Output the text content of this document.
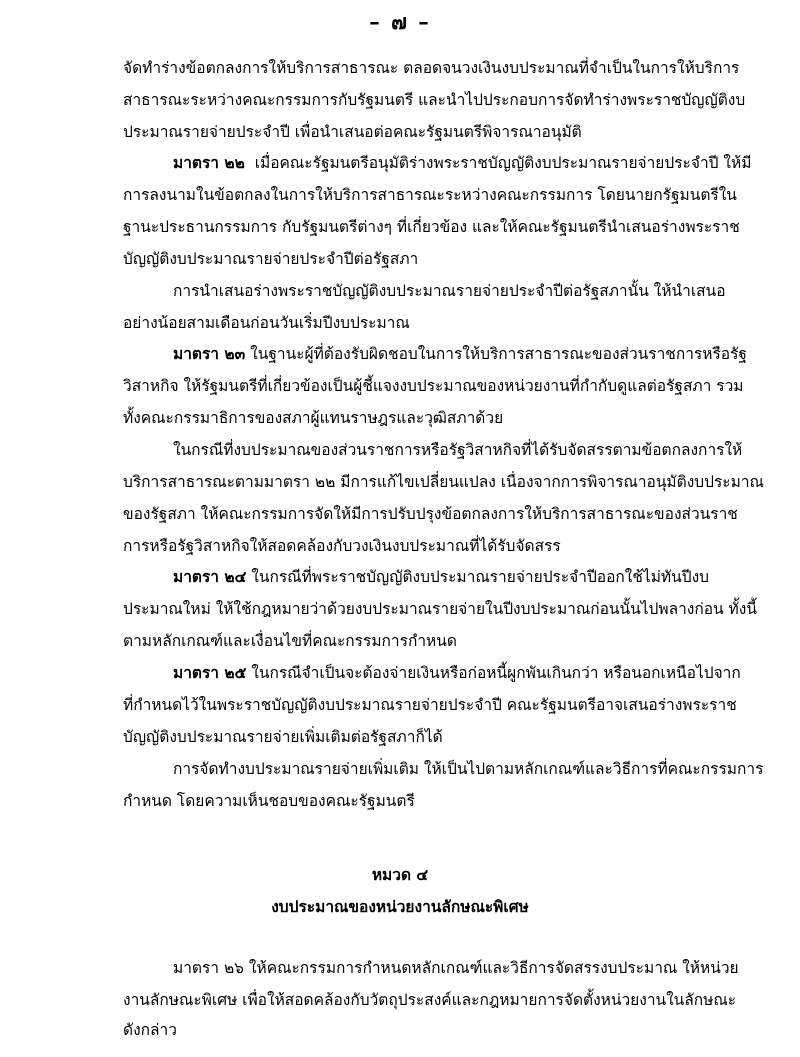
– ๗ –
จัดทำร่างข้อตกลงการให้บริการสาธารณะ ตลอดจนวงเงินงบประมาณที่จำเป็นในการให้บริการ
สาธารณะระหว่างคณะกรรมการกับรัฐมนตรี และนำไปประกอบการจัดทำร่างพระราชบัญญัติงบ
ประมาณรายจ่ายประจำปี เพื่อนำเสนอต่อคณะรัฐมนตรีพิจารณาอนุมัติ
มาตรา ๒๒ เมื่อคณะรัฐมนตรีอนุมัติร่างพระราชบัญญัติงบประมาณรายจ่ายประจำปี ให้มี
การลงนามในข้อตกลงในการให้บริการสาธารณะระหว่างคณะกรรมการ โดยนายกรัฐมนตรีใน
ฐานะประธานกรรมการ กับรัฐมนตรีต่างๆ ที่เกี่ยวข้อง และให้คณะรัฐมนตรีนำเสนอร่างพระราช
บัญญัติงบประมาณรายจ่ายประจำปีต่อรัฐสภา
การนำเสนอร่างพระราชบัญญัติงบประมาณรายจ่ายประจำปีต่อรัฐสภานั้น ให้นำเสนอ
อย่างน้อยสามเดือนก่อนวันเริ่มปีงบประมาณ
มาตรา ๒๓ ในฐานะผู้ที่ต้องรับผิดชอบในการให้บริการสาธารณะของส่วนราชการหรือรัฐ
วิสาหกิจ ให้รัฐมนตรีที่เกี่ยวข้องเป็นผู้ชี้แจงงบประมาณของหน่วยงานที่กำกับดูแลต่อรัฐสภา รวม
ทั้งคณะกรรมาธิการของสภาผู้แทนราษฎรและวุฒิสภาด้วย
ในกรณีที่งบประมาณของส่วนราชการหรือรัฐวิสาหกิจที่ได้รับจัดสรรตามข้อตกลงการให้
บริการสาธารณะตามมาตรา ๒๒ มีการแก้ไขเปลี่ยนแปลง เนื่องจากการพิจารณาอนุมัติงบประมาณ
ของรัฐสภา ให้คณะกรรมการจัดให้มีการปรับปรุงข้อตกลงการให้บริการสาธารณะของส่วนราช
การหรือรัฐวิสาหกิจให้สอดคล้องกับวงเงินงบประมาณที่ได้รับจัดสรร
มาตรา ๒๔ ในกรณีที่พระราชบัญญัติงบประมาณรายจ่ายประจำปีออกใช้ไม่ทันปีงบ
ประมาณใหม่ ให้ใช้กฎหมายว่าด้วยงบประมาณรายจ่ายในปีงบประมาณก่อนนั้นไปพลางก่อน ทั้งนี้
ตามหลักเกณฑ์และเงื่อนไขที่คณะกรรมการกำหนด
มาตรา ๒๕ ในกรณีจำเป็นจะต้องจ่ายเงินหรือก่อหนี้ผูกพันเกินกว่า หรือนอกเหนือไปจาก
ที่กำหนดไว้ในพระราชบัญญัติงบประมาณรายจ่ายประจำปี คณะรัฐมนตรีอาจเสนอร่างพระราช
บัญญัติงบประมาณรายจ่ายเพิ่มเติมต่อรัฐสภาก็ได้
การจัดทำงบประมาณรายจ่ายเพิ่มเติม ให้เป็นไปตามหลักเกณฑ์และวิธีการที่คณะกรรมการ
กำหนด โดยความเห็นชอบของคณะรัฐมนตรี
หมวด ๔
งบประมาณของหน่วยงานลักษณะพิเศษ
มาตรา ๒๖ ให้คณะกรรมการกำหนดหลักเกณฑ์และวิธีการจัดสรรงบประมาณ ให้หน่วย
งานลักษณะพิเศษ เพื่อให้สอดคล้องกับวัตถุประสงค์และกฎหมายการจัดตั้งหน่วยงานในลักษณะ
ดังกล่าว
